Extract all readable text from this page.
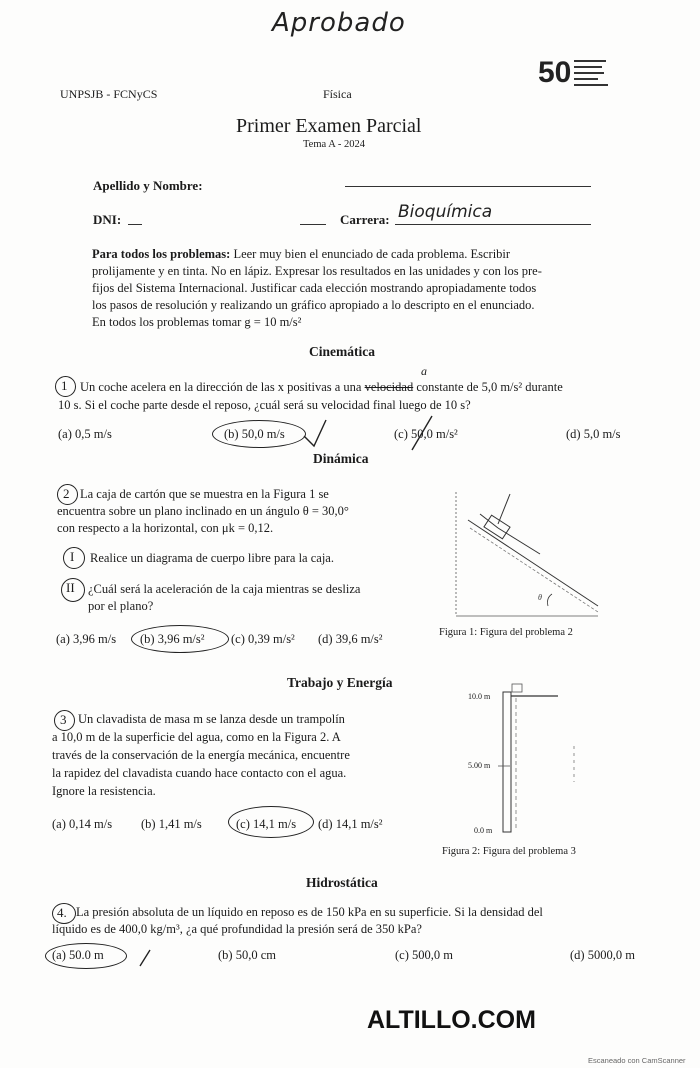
Aprobado
UNPSJB - FCNyCS	Física
50
Primer Examen Parcial
Tema A - 2024
Apellido y Nombre:
DNI:	Carrera: Bioquímica
Para todos los problemas: Leer muy bien el enunciado de cada problema. Escribir
prolijamente y en tinta. No en lápiz. Expresar los resultados en las unidades y con los pre-
fijos del Sistema Internacional. Justificar cada elección mostrando apropiadamente todos
los pasos de resolución y realizando un gráfico apropiado a lo descripto en el enunciado.
En todos los problemas tomar g = 10 m/s²
Cinemática
1
a
Un coche acelera en la dirección de las x positivas a una velocidad constante de 5,0 m/s² durante
10 s. Si el coche parte desde el reposo, ¿cuál será su velocidad final luego de 10 s?
(a) 0,5 m/s	(b) 50,0 m/s	(c) 50,0 m/s²	(d) 5,0 m/s
Dinámica
2 La caja de cartón que se muestra en la Figura 1 se
encuentra sobre un plano inclinado en un ángulo θ = 30,0°
con respecto a la horizontal, con μk = 0,12.
I Realice un diagrama de cuerpo libre para la caja.
II ¿Cuál será la aceleración de la caja mientras se desliza
por el plano?
(a) 3,96 m/s (b) 3,96 m/s² (c) 0,39 m/s² (d) 39,6 m/s²
θ
Figura 1: Figura del problema 2
Trabajo y Energía
3 Un clavadista de masa m se lanza desde un trampolín
a 10,0 m de la superficie del agua, como en la Figura 2. A
través de la conservación de la energía mecánica, encuentre
la rapidez del clavadista cuando hace contacto con el agua.
Ignore la resistencia.
(a) 0,14 m/s (b) 1,41 m/s	(c) 14,1 m/s (d) 14,1 m/s²
10.0 m
5.00 m
0.0 m
Figura 2: Figura del problema 3
Hidrostática
4. La presión absoluta de un líquido en reposo es de 150 kPa en su superficie. Si la densidad del
líquido es de 400,0 kg/m³, ¿a qué profundidad la presión será de 350 kPa?
(a) 50.0 m	(b) 50,0 cm	(c) 500,0 m	(d) 5000,0 m
ALTILLO.COM
Escaneado con CamScanner
